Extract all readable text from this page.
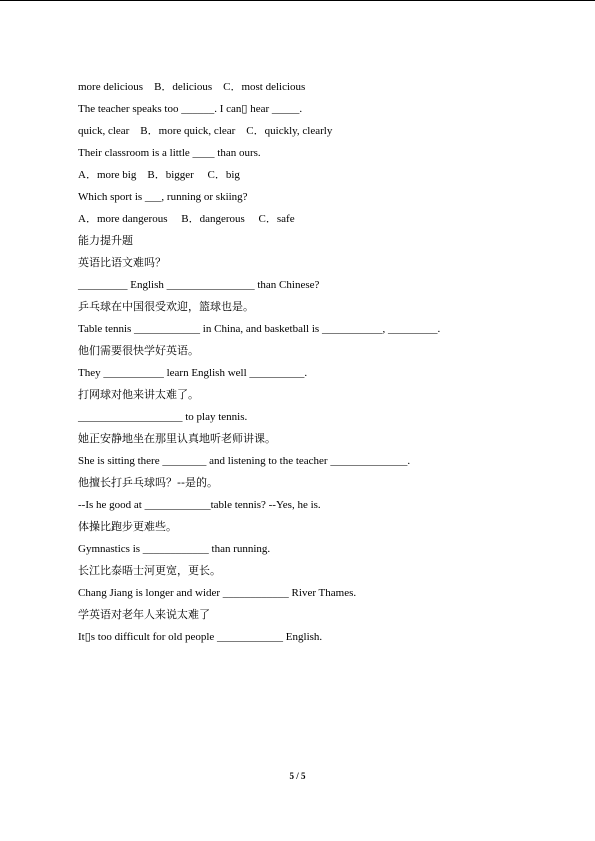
more delicious    B．delicious    C．most delicious
The teacher speaks too ______. I can▯ hear _____.
quick, clear    B．more quick, clear    C．quickly, clearly
Their classroom is a little ____ than ours.
A．more big    B．bigger     C．big
Which sport is ___, running or skiing?
A．more dangerous     B．dangerous     C．safe
能力提升题
英语比语文难吗？
_________ English ________________ than Chinese?
乒乓球在中国很受欢迎，篮球也是。
Table tennis ____________ in China, and basketball is ___________, _________.
他们需要很快学好英语。
They ___________ learn English well __________.
打网球对他来讲太难了。
___________________ to play tennis.
她正安静地坐在那里认真地听老师讲课。
She is sitting there ________ and listening to the teacher ______________.
他擅长打乒乓球吗？--是的。
--Is he good at ____________table tennis? --Yes, he is.
体操比跑步更难些。
Gymnastics is ____________ than running.
长江比泰晤士河更宽，更长。
Chang Jiang is longer and wider ____________ River Thames.
学英语对老年人来说太难了
It▯s too difficult for old people ____________ English.
5 / 5
